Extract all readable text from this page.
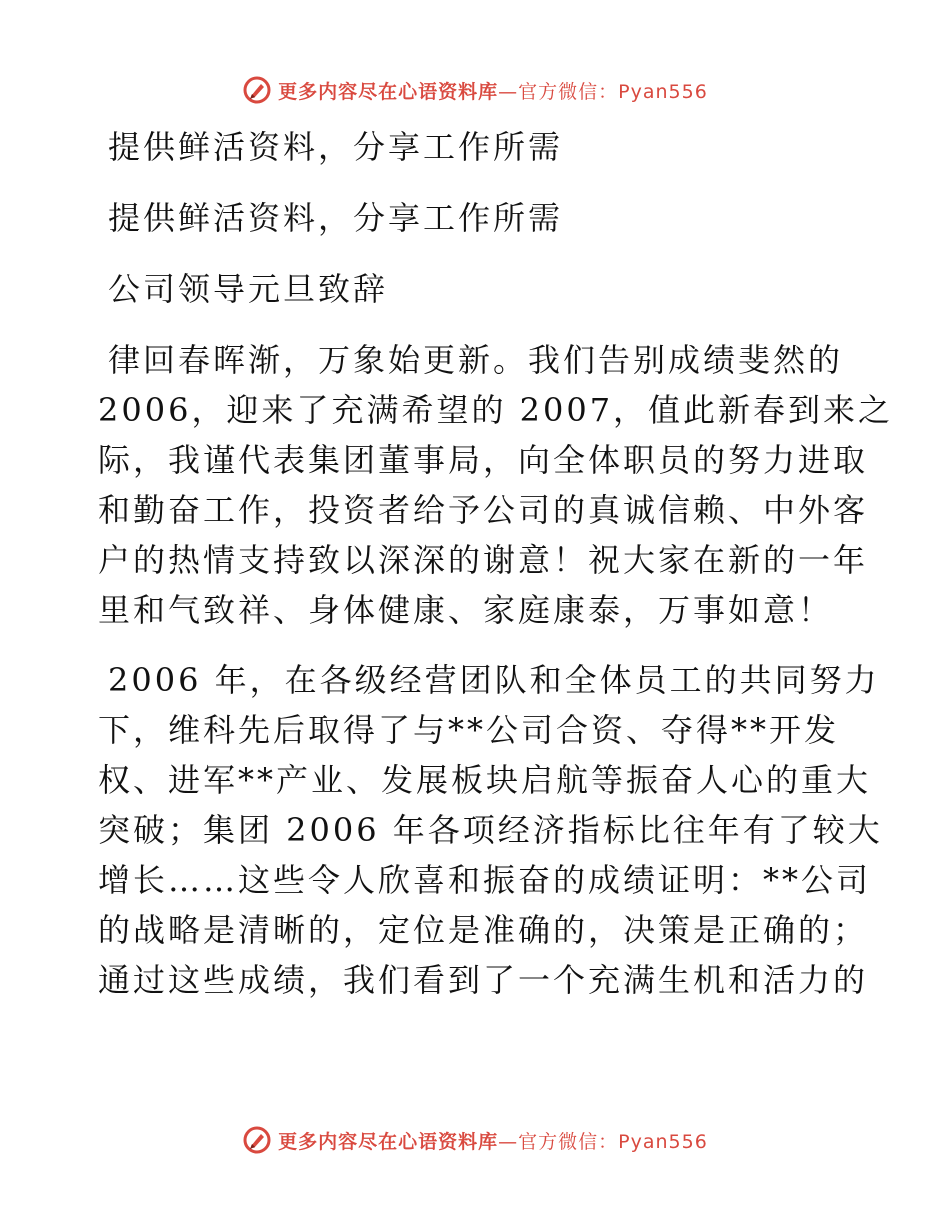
更多内容尽在心语资料库—官方微信：Pyan556

提供鲜活资料，分享工作所需

提供鲜活资料，分享工作所需

公司领导元旦致辞

律回春晖渐，万象始更新。我们告别成绩斐然的

2006，迎来了充满希望的 2007，值此新春到来之

际，我谨代表集团董事局，向全体职员的努力进取

和勤奋工作，投资者给予公司的真诚信赖、中外客

户的热情支持致以深深的谢意！祝大家在新的一年

里和气致祥、身体健康、家庭康泰，万事如意！

2006 年，在各级经营团队和全体员工的共同努力

下，维科先后取得了与**公司合资、夺得**开发

权、进军**产业、发展板块启航等振奋人心的重大

突破；集团 2006 年各项经济指标比往年有了较大

增长……这些令人欣喜和振奋的成绩证明：**公司

的战略是清晰的，定位是准确的，决策是正确的；

通过这些成绩，我们看到了一个充满生机和活力的

更多内容尽在心语资料库—官方微信：Pyan556
